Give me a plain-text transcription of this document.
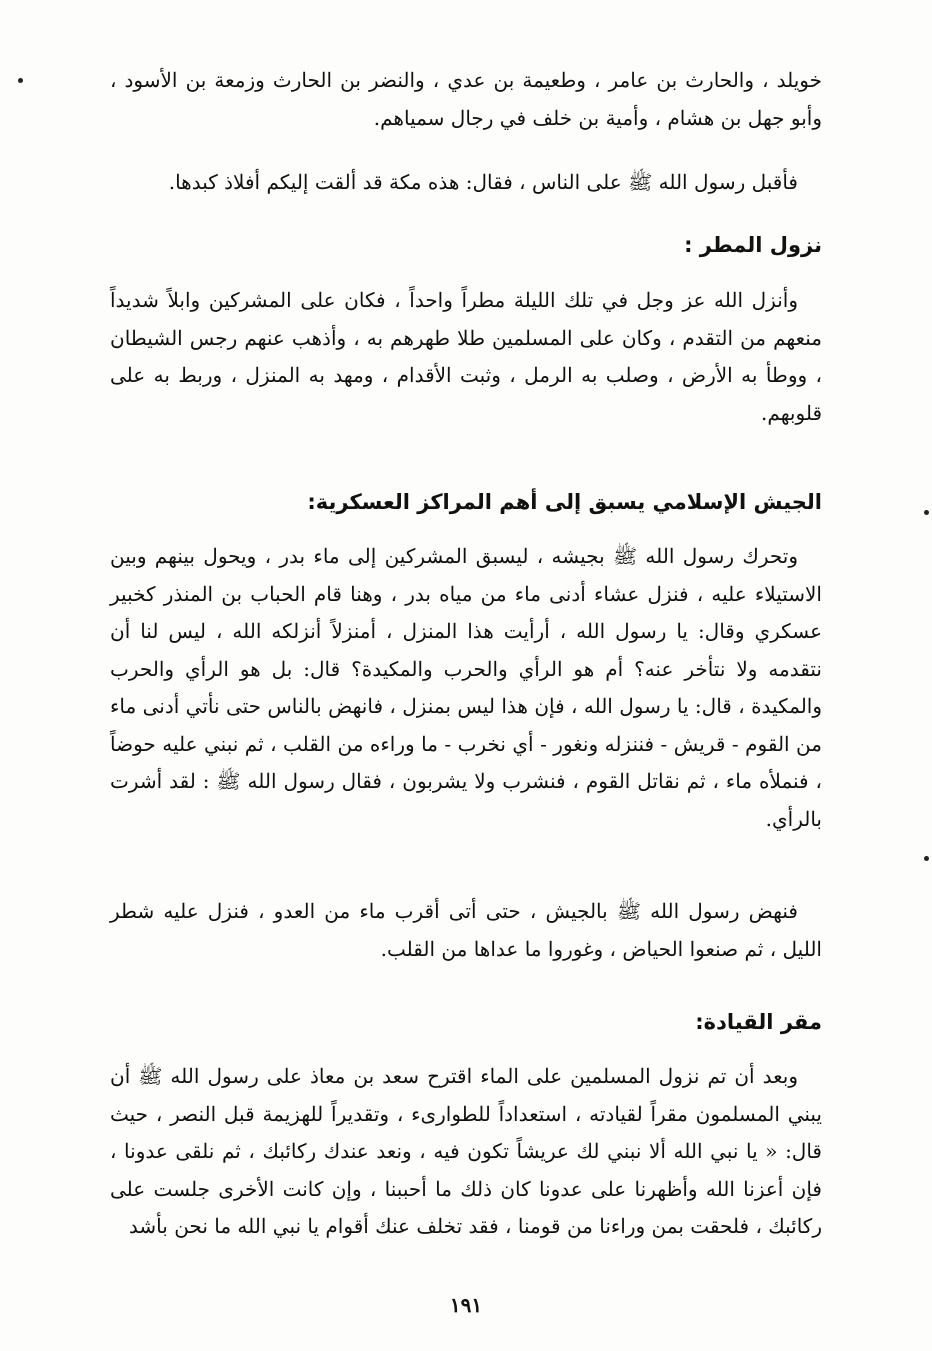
خويلد ، والحارث بن عامر ، وطعيمة بن عدي ، والنضر بن الحارث وزمعة بن الأسود ، وأبو جهل بن هشام ، وأمية بن خلف في رجال سمياهم.

فأقبل رسول الله ﷺ على الناس ، فقال: هذه مكة قد ألقت إليكم أفلاذ كبدها.

نزول المطر :

وأنزل الله عز وجل في تلك الليلة مطراً واحداً ، فكان على المشركين وابلاً شديداً منعهم من التقدم ، وكان على المسلمين طلا طهرهم به ، وأذهب عنهم رجس الشيطان ، ووطأ به الأرض ، وصلب به الرمل ، وثبت الأقدام ، ومهد به المنزل ، وربط به على قلوبهم.

الجيش الإسلامي يسبق إلى أهم المراكز العسكرية:

وتحرك رسول الله ﷺ بجيشه ، ليسبق المشركين إلى ماء بدر ، ويحول بينهم وبين الاستيلاء عليه ، فنزل عشاء أدنى ماء من مياه بدر ، وهنا قام الحباب بن المنذر كخبير عسكري وقال: يا رسول الله ، أرأيت هذا المنزل ، أمنزلاً أنزلكه الله ، ليس لنا أن نتقدمه ولا نتأخر عنه؟ أم هو الرأي والحرب والمكيدة؟ قال: بل هو الرأي والحرب والمكيدة ، قال: يا رسول الله ، فإن هذا ليس بمنزل ، فانهض بالناس حتى نأتي أدنى ماء من القوم - قريش - فننزله ونغور - أي نخرب - ما وراءه من القلب ، ثم نبني عليه حوضاً ، فنملأه ماء ، ثم نقاتل القوم ، فنشرب ولا يشربون ، فقال رسول الله ﷺ : لقد أشرت بالرأي.

فنهض رسول الله ﷺ بالجيش ، حتى أتى أقرب ماء من العدو ، فنزل عليه شطر الليل ، ثم صنعوا الحياض ، وغوروا ما عداها من القلب.

مقر القيادة:

وبعد أن تم نزول المسلمين على الماء اقترح سعد بن معاذ على رسول الله ﷺ أن يبني المسلمون مقراً لقيادته ، استعداداً للطوارىء ، وتقديراً للهزيمة قبل النصر ، حيث قال: « يا نبي الله ألا نبني لك عريشاً تكون فيه ، ونعد عندك ركائبك ، ثم نلقى عدونا ، فإن أعزنا الله وأظهرنا على عدونا كان ذلك ما أحببنا ، وإن كانت الأخرى جلست على ركائبك ، فلحقت بمن وراءنا من قومنا ، فقد تخلف عنك أقوام يا نبي الله ما نحن بأشد

١٩١
